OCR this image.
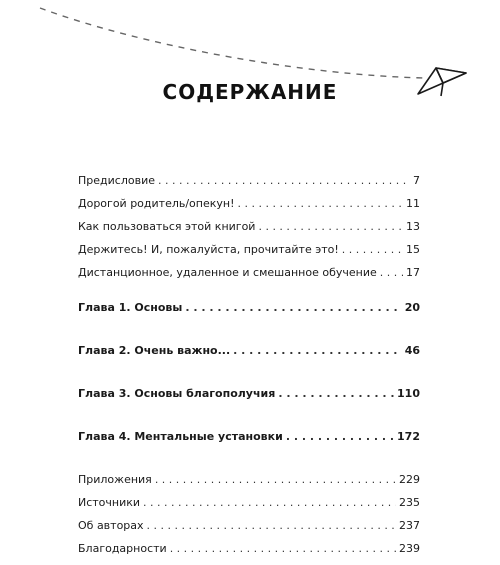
СОДЕРЖАНИЕ
Предисловие . . .	7
Дорогой родитель/опекун! . . .	11
Как пользоваться этой книгой . . .	13
Держитесь! И, пожалуйста, прочитайте это! . . .	15
Дистанционное, удаленное и смешанное обучение . . .	17
Глава 1. Основы . . .	20
Глава 2. Очень важно... . . .	46
Глава 3. Основы благополучия . . .	110
Глава 4. Ментальные установки . . .	172
Приложения . . .	229
Источники . . .	235
Об авторах . . .	237
Благодарности . . .	239
